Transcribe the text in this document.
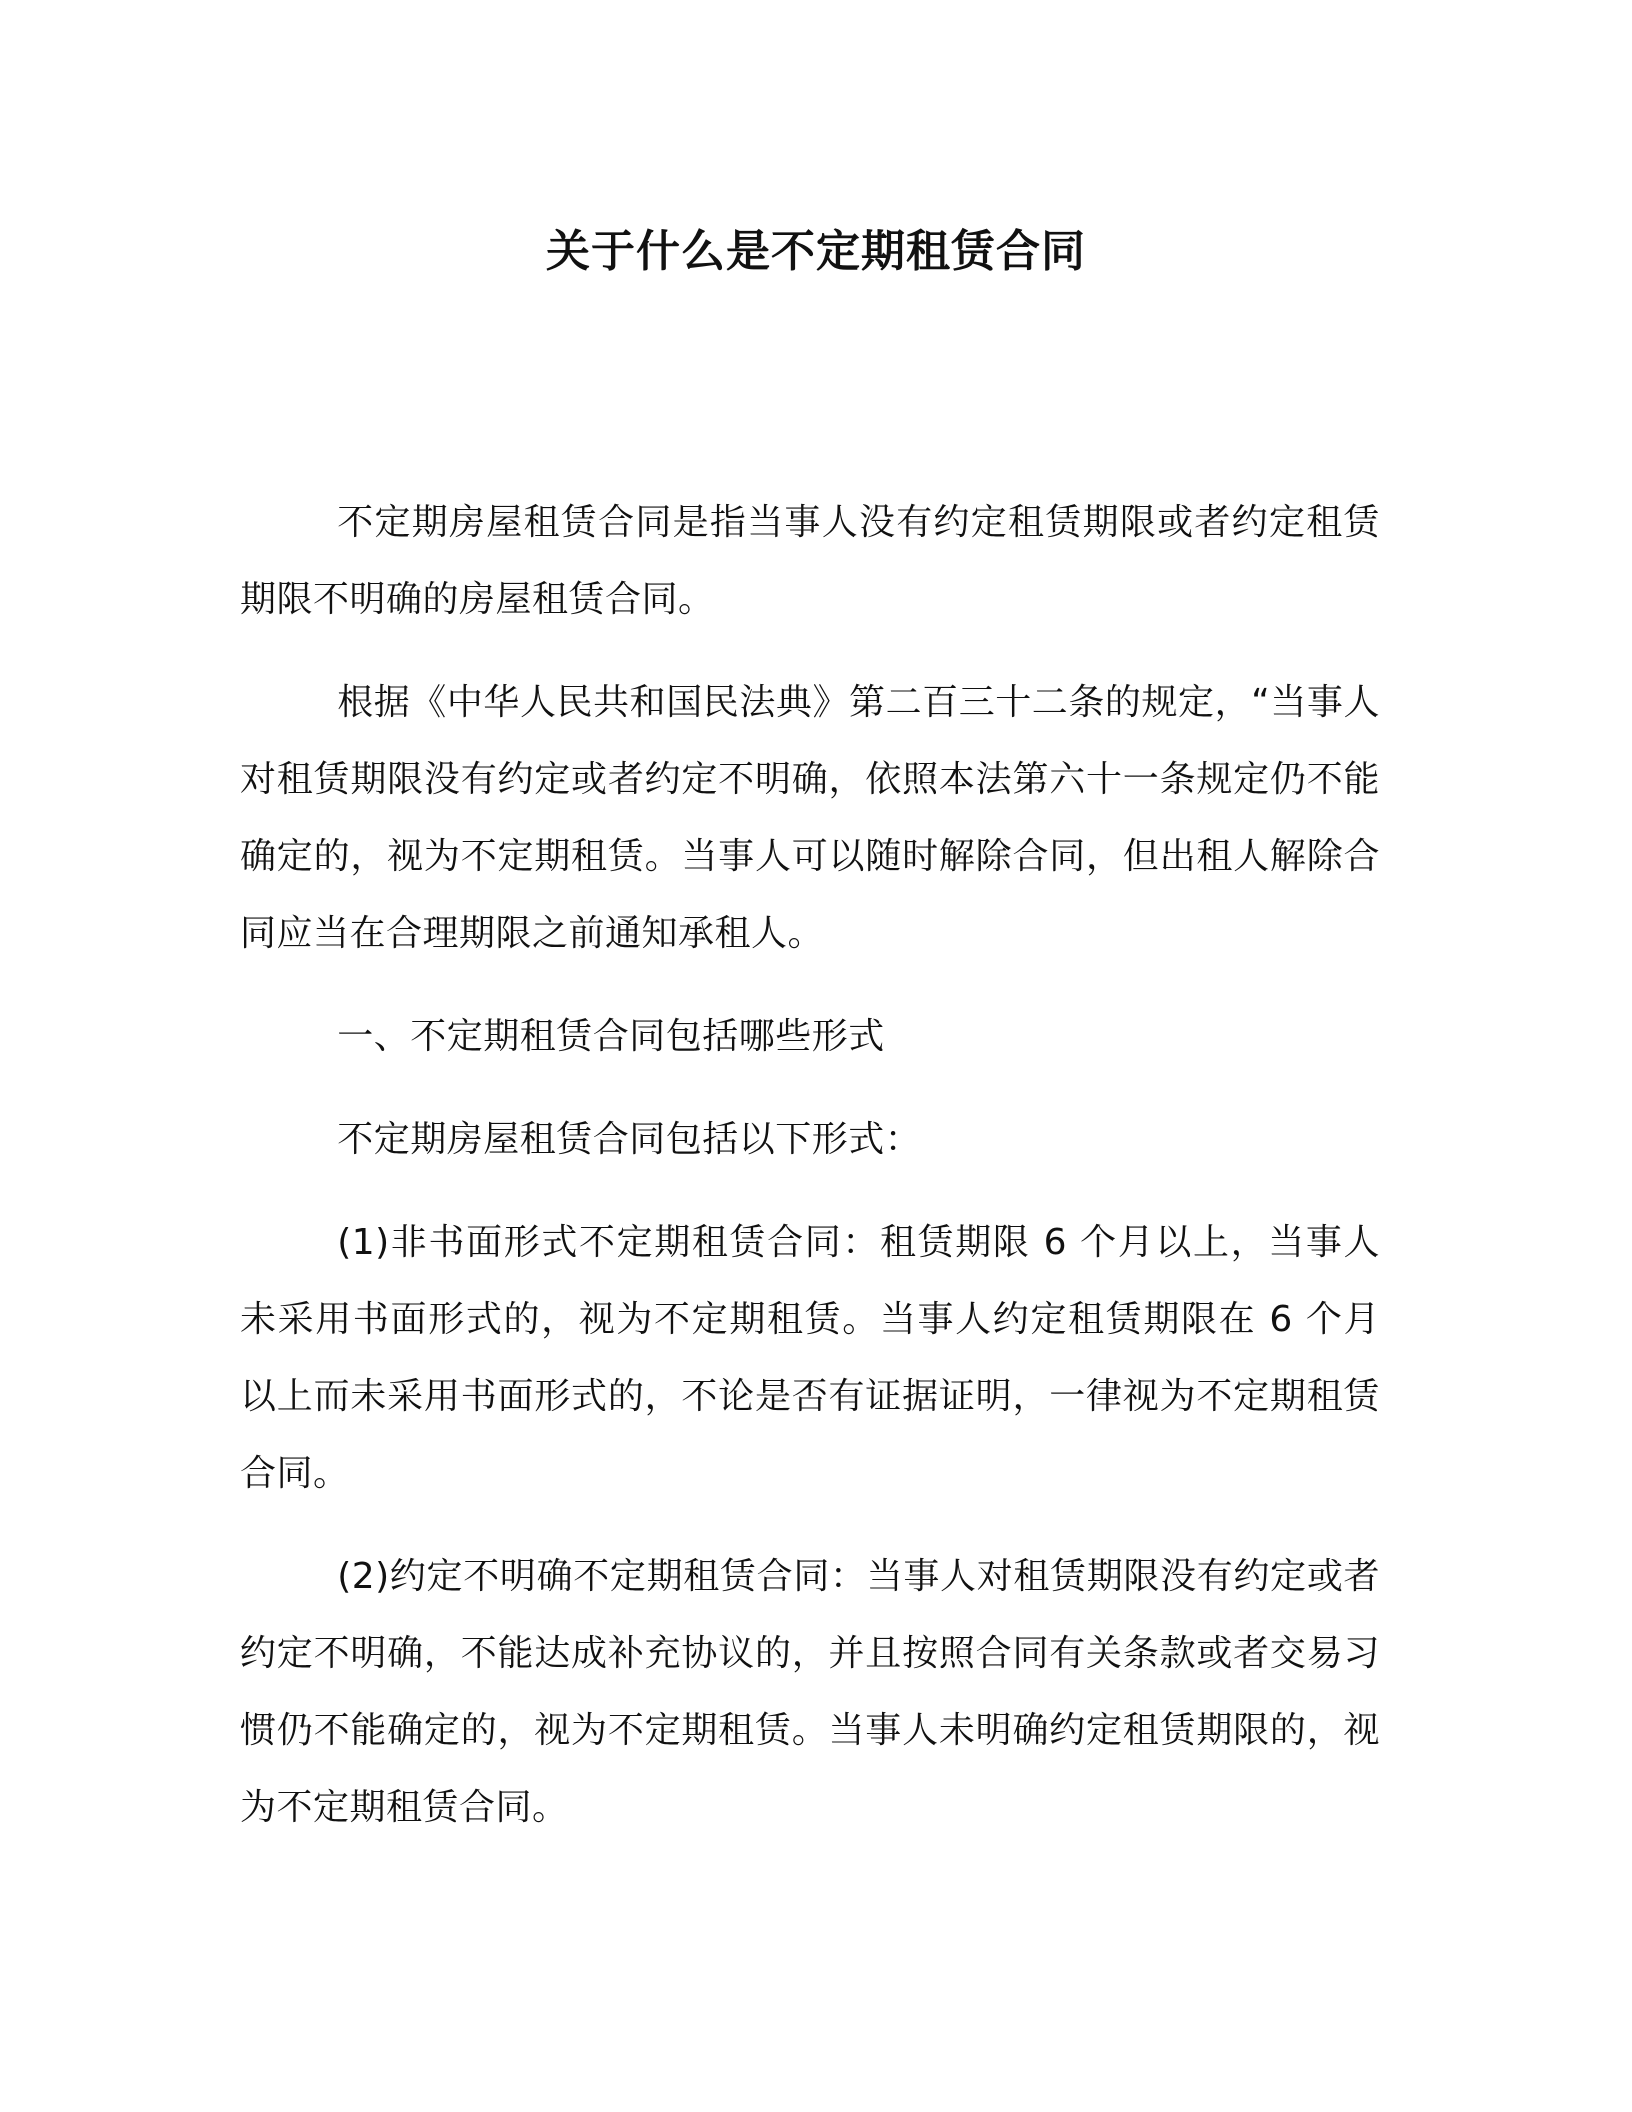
关于什么是不定期租赁合同

不定期房屋租赁合同是指当事人没有约定租赁期限或者约定租赁期限不明确的房屋租赁合同。

根据《中华人民共和国民法典》第二百三十二条的规定，“当事人对租赁期限没有约定或者约定不明确，依照本法第六十一条规定仍不能确定的，视为不定期租赁。当事人可以随时解除合同，但出租人解除合同应当在合理期限之前通知承租人。

一、不定期租赁合同包括哪些形式

不定期房屋租赁合同包括以下形式：

(1)非书面形式不定期租赁合同：租赁期限 6 个月以上，当事人未采用书面形式的，视为不定期租赁。当事人约定租赁期限在 6 个月以上而未采用书面形式的，不论是否有证据证明，一律视为不定期租赁合同。

(2)约定不明确不定期租赁合同：当事人对租赁期限没有约定或者约定不明确，不能达成补充协议的，并且按照合同有关条款或者交易习惯仍不能确定的，视为不定期租赁。当事人未明确约定租赁期限的，视为不定期租赁合同。
